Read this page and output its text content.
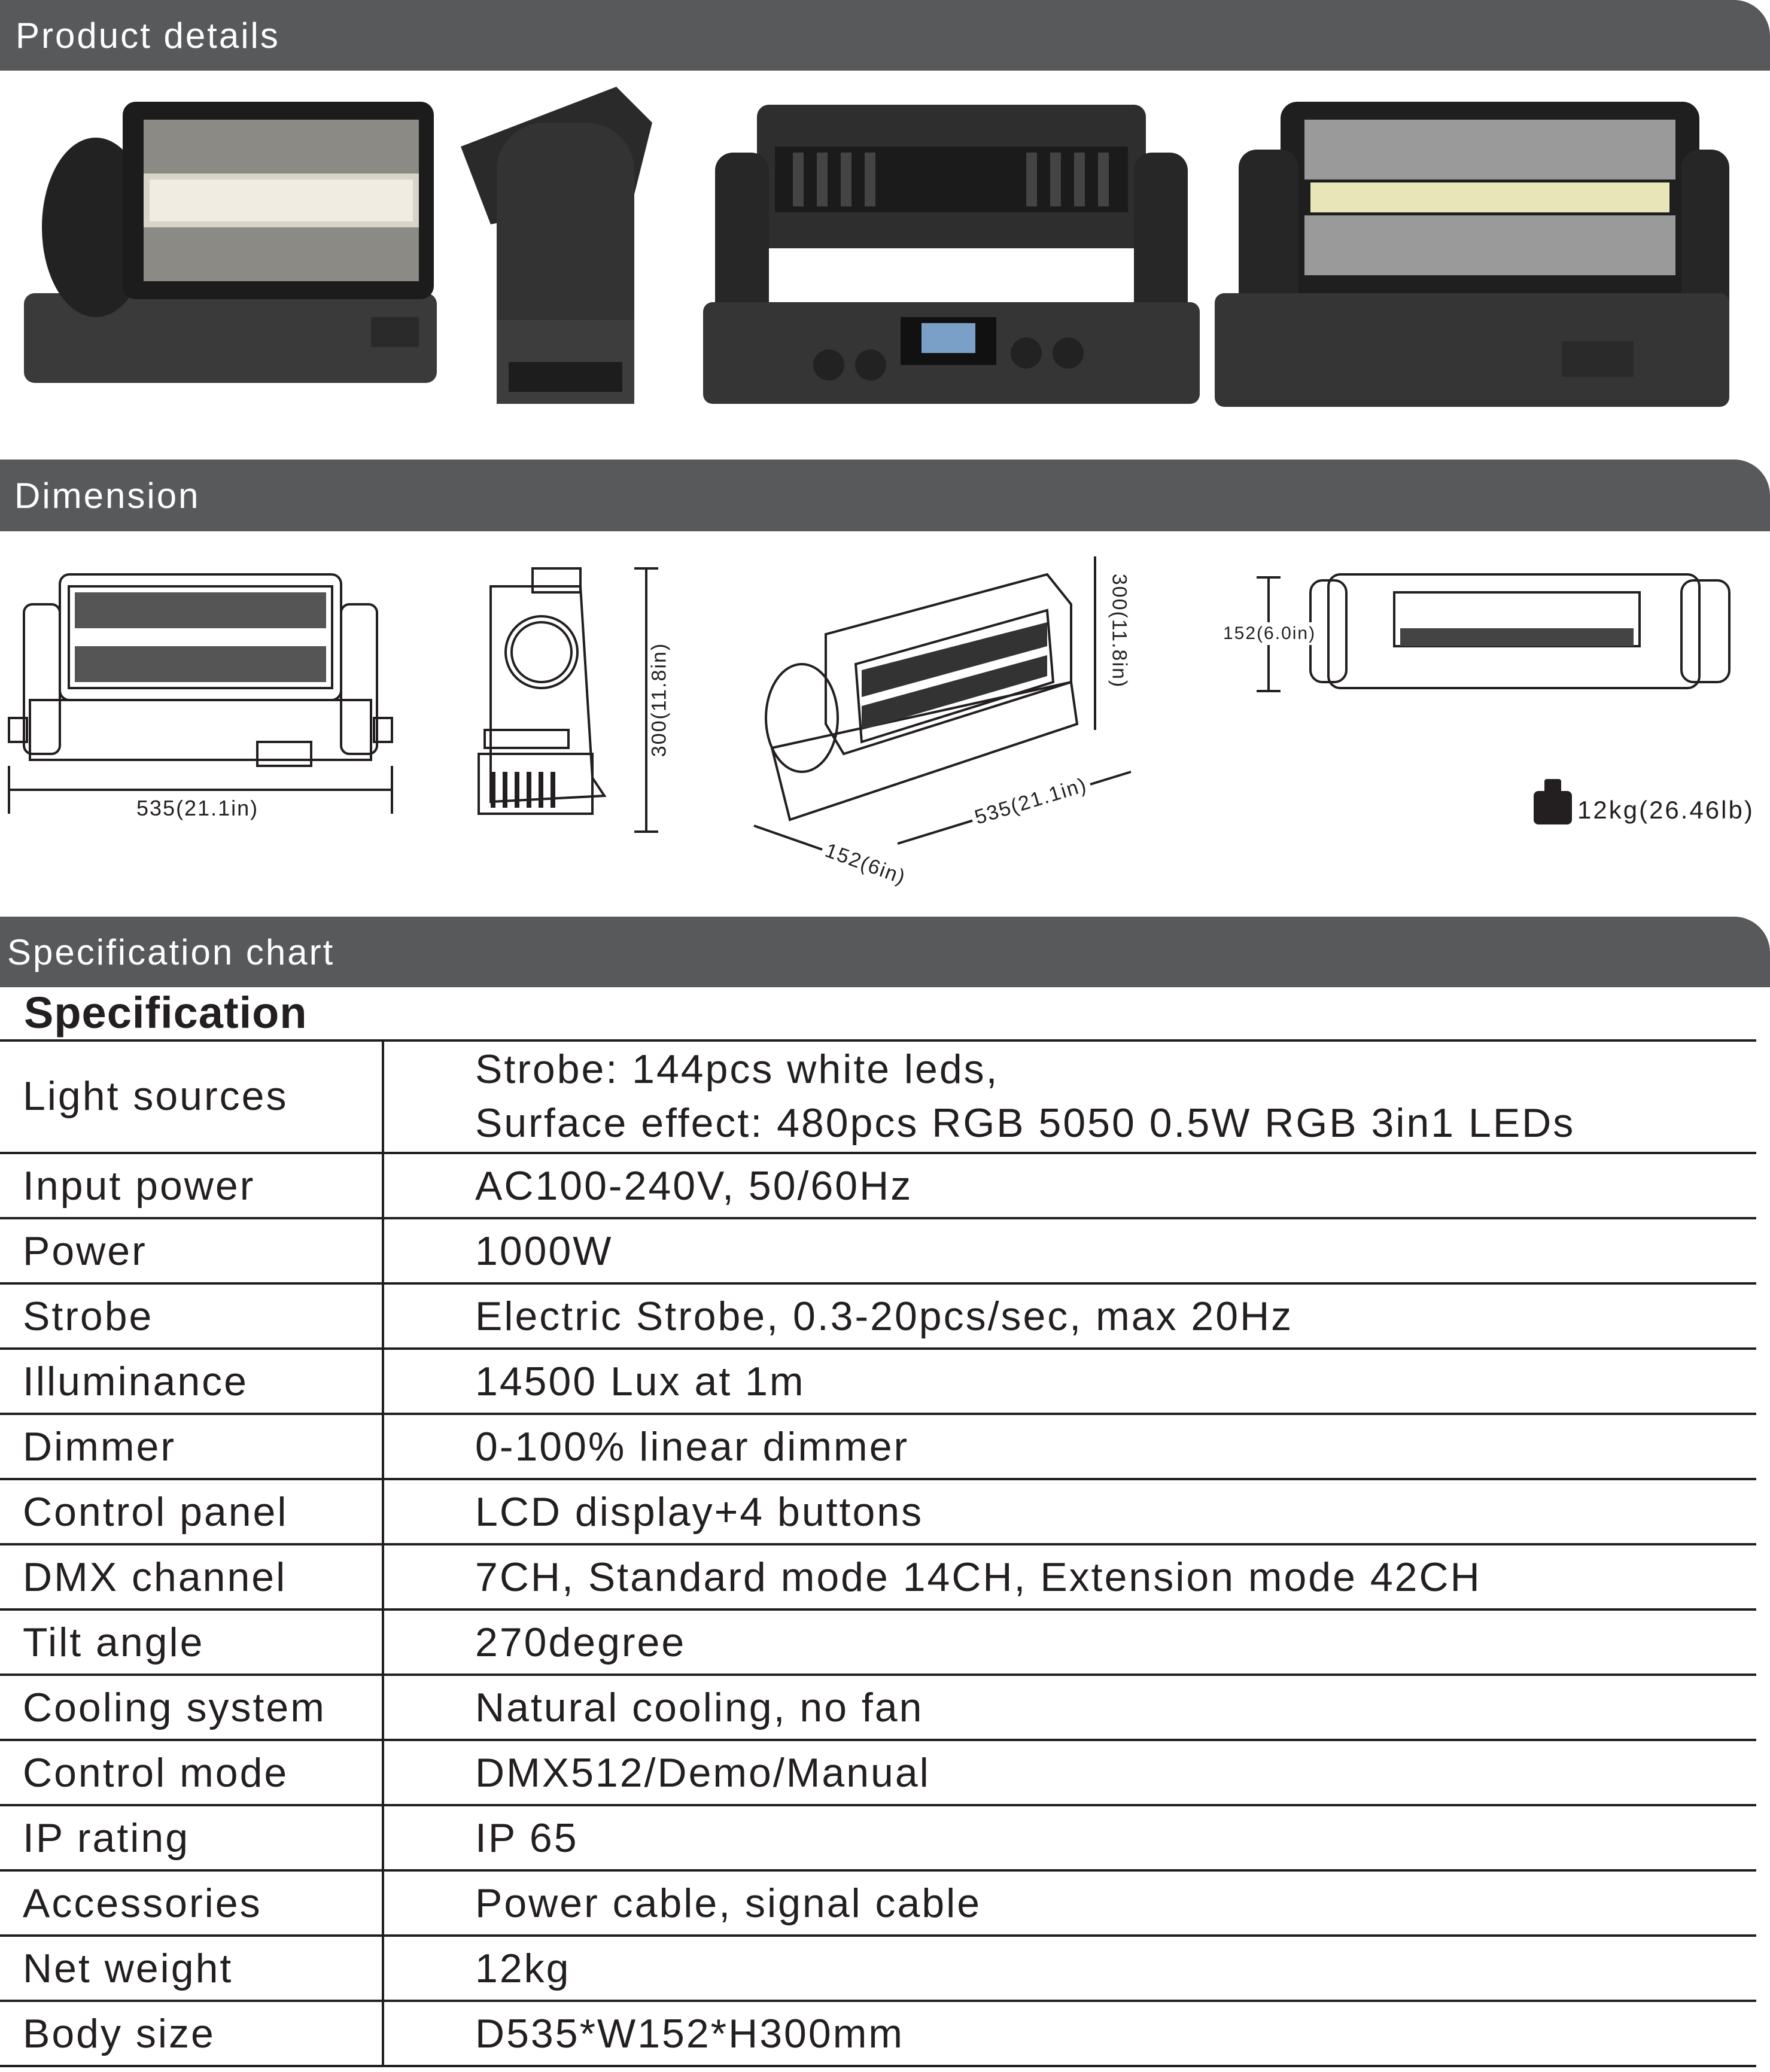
Product details
Dimension
535(21.1in)
300(11.8in)
300(11.8in)
535(21.1in)
152(6in)
152(6.0in)
12kg(26.46lb)
Specification chart
Specification
Light sources	Strobe: 144pcs white leds,
Surface effect: 480pcs RGB 5050 0.5W RGB 3in1 LEDs

Input power	AC100-240V, 50/60Hz
Power	1000W
Strobe	Electric Strobe, 0.3-20pcs/sec, max 20Hz
Illuminance	14500 Lux at 1m
Dimmer	0-100% linear dimmer
Control panel	LCD display+4 buttons
DMX channel	7CH, Standard mode 14CH, Extension mode 42CH
Tilt angle	270degree
Cooling system	Natural cooling, no fan
Control mode	DMX512/Demo/Manual
IP rating	IP 65
Accessories	Power cable, signal cable
Net weight	12kg
Body size	D535*W152*H300mm
